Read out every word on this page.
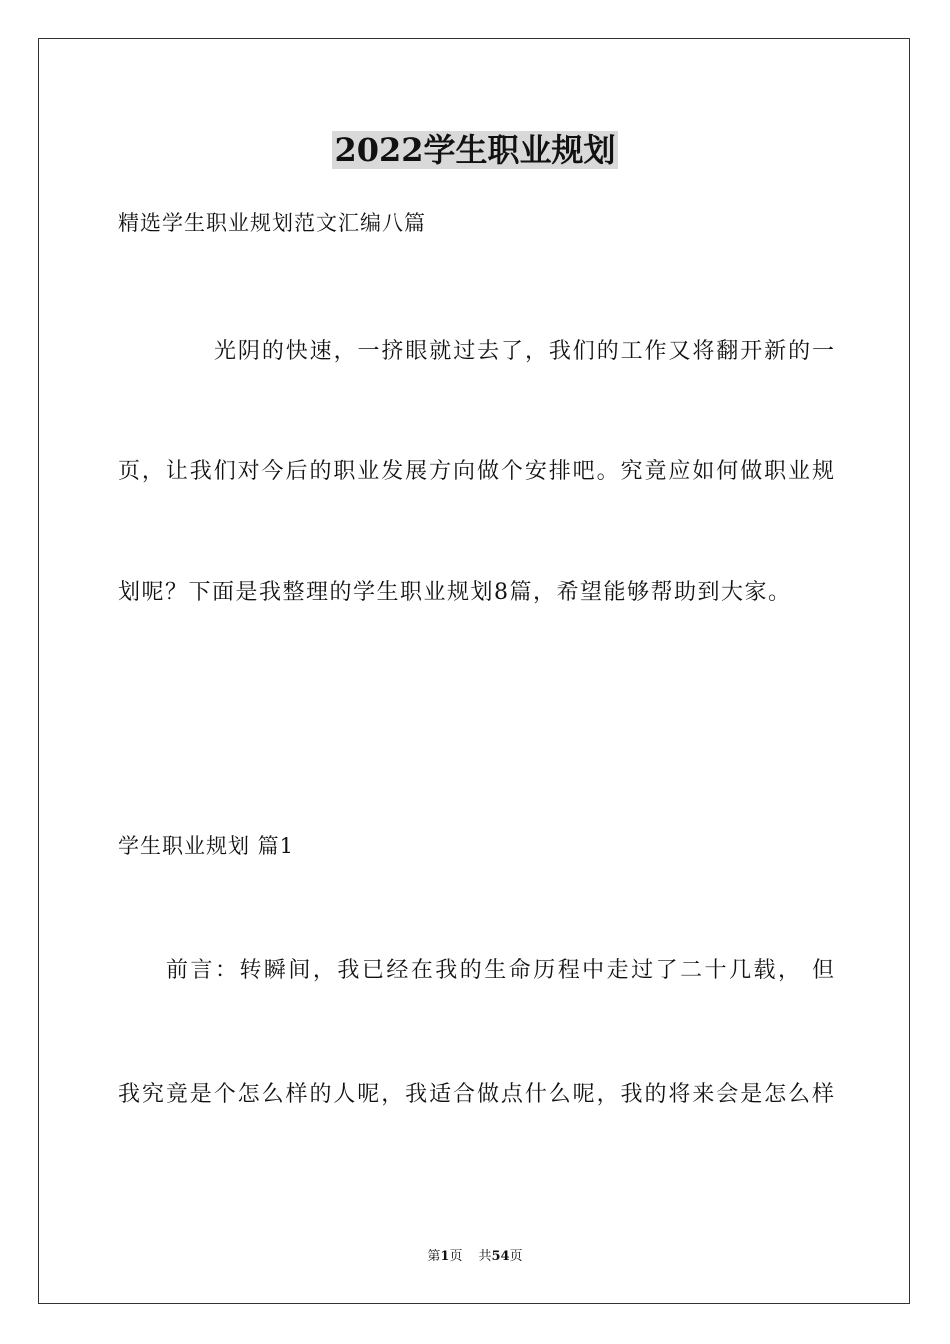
2022学生职业规划
精选学生职业规划范文汇编八篇
光阴的快速，一挤眼就过去了，我们的工作又将翻开新的一
页，让我们对今后的职业发展方向做个安排吧。究竟应如何做职业规
划呢？下面是我整理的学生职业规划8篇，希望能够帮助到大家。
学生职业规划 篇1
前言：转瞬间，我已经在我的生命历程中走过了二十几载， 但
我究竟是个怎么样的人呢，我适合做点什么呢，我的将来会是怎么样
第1页 共54页
